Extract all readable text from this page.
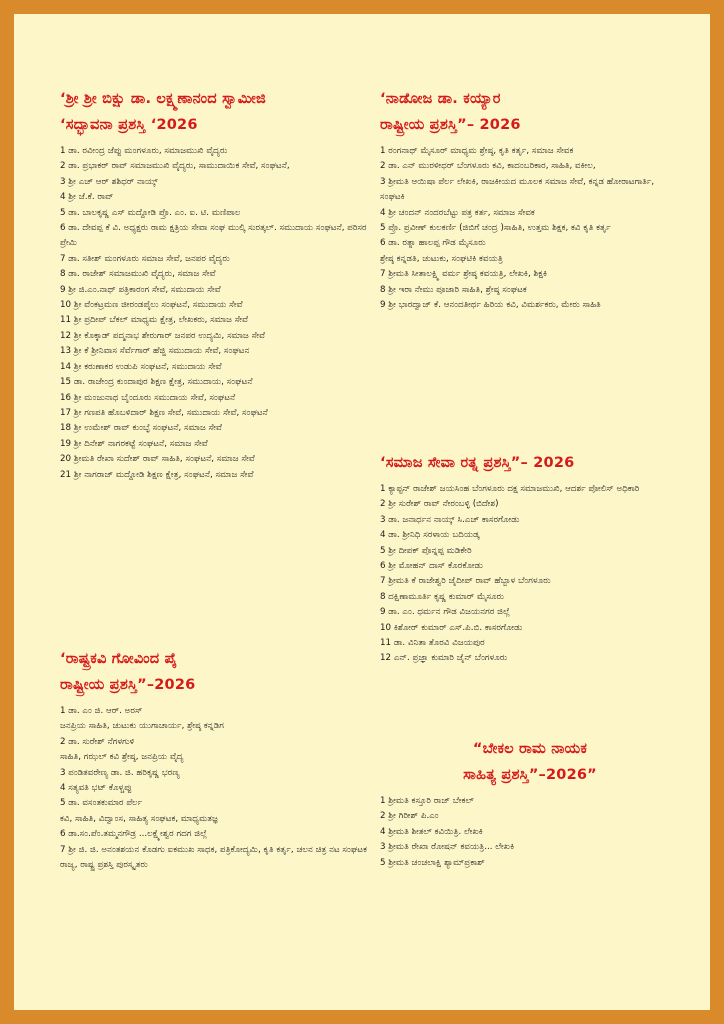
‘ಶ್ರೀ ಶ್ರೀ ಬಿಕ್ಷು ಡಾ. ಲಕ್ಷ್ಮಣಾನಂದ ಸ್ವಾಮೀಜಿ
‘ಸದ್ಭಾವನಾ ಪ್ರಶಸ್ತಿ ‘2026
1 ಡಾ. ರವೀಂದ್ರ ಜೆಪ್ಪು ಮಂಗಳೂರು, ಸಮಾಜಮುಖಿ ವೈದ್ಯರು
2 ಡಾ. ಪ್ರಭಾಕರ್ ರಾವ್ ಸಮಾಜಮುಖಿ ವೈದ್ಯರು, ಸಾಮುದಾಯಿಕ ಸೇವೆ, ಸಂಘಟನೆ,
3 ಶ್ರೀ ಎಚ್ ಆರ್ ಶಶಿಧರ್ ನಾಯ್ಕ್
4 ಶ್ರೀ ಜೆ.ಕೆ. ರಾವ್
5 ಡಾ. ಬಾಲಕೃಷ್ಣ ಎಸ್ ಮದ್ದೋಡಿ ಪ್ರೊ. ಎಂ. ಐ. ಟಿ. ಮಣಿಪಾಲ
6 ಡಾ. ದೇವಪ್ಪ ಕೆ ವಿ. ಅಧ್ಯಕ್ಷರು ರಾಮ ಕ್ಷತ್ರಿಯ ಸೇವಾ ಸಂಘ ಮುಲ್ಕಿ ಸುರತ್ಕಲ್. ಸಮುದಾಯ ಸಂಘಟನೆ, ಪರಿಸರ ಪ್ರೇಮಿ
7 ಡಾ. ಸತೀಶ್ ಮಂಗಳೂರು ಸಮಾಜ ಸೇವೆ, ಜನಪರ ವೈದ್ಯರು
8 ಡಾ. ರಾಜೇಶ್ ಸಮಾಜಮುಖಿ ವೈದ್ಯರು, ಸಮಾಜ ಸೇವೆ
9 ಶ್ರೀ ಜಿ.ಎಂ.ನಾಥ್ ಪತ್ರಿಕಾರಂಗ ಸೇವೆ, ಸಮುದಾಯ ಸೇವೆ
10 ಶ್ರೀ ವೆಂಕಟ್ರಮಣ ಜೀರಂಡಪೈಲು ಸಂಘಟನೆ, ಸಮುದಾಯ ಸೇವೆ
11 ಶ್ರೀ ಪ್ರದೀಪ್ ಬೆಕಲ್ ಮಾಧ್ಯಮ ಕ್ಷೇತ್ರ, ಲೇಖಕರು, ಸಮಾಜ ಸೇವೆ
12 ಶ್ರೀ ಕೊಕ್ಕಾಡ್ ಪದ್ಮನಾಭ ಶೇರುಗಾರ್ ಜನಪರ ಉದ್ಯಮಿ, ಸಮಾಜ ಸೇವೆ
13 ಶ್ರೀ ಕೆ ಶ್ರೀನಿವಾಸ ಸೆರ್ವೆಗಾರ್ ಹೆಜ್ಜಿ ಸಮುದಾಯ ಸೇವೆ, ಸಂಘಟನ
14 ಶ್ರೀ ಕರುಣಾಕರ ಉಡುಪಿ ಸಂಘಟನೆ, ಸಮುದಾಯ ಸೇವೆ
15 ಡಾ. ರಾಜೇಂದ್ರ ಕುಂದಾಪುರ ಶಿಕ್ಷಣ ಕ್ಷೇತ್ರ, ಸಮುದಾಯ, ಸಂಘಟನೆ
16 ಶ್ರೀ ಮಂಜುನಾಥ ಬೈಂದೂರು ಸಮುದಾಯ ಸೇವೆ, ಸಂಘಟನೆ
17 ಶ್ರೀ ಗಣಪತಿ ಹೊಬಳಿದಾರ್ ಶಿಕ್ಷಣ ಸೇವೆ, ಸಮುದಾಯ ಸೇವೆ, ಸಂಘಟನೆ
18 ಶ್ರೀ ಉಮೇಶ್ ರಾವ್ ಕುಂಬ್ಳೆ ಸಂಘಟನೆ, ಸಮಾಜ ಸೇವೆ
19 ಶ್ರೀ ದಿನೇಶ್ ನಾಗರಕಟ್ಟೆ ಸಂಘಟನೆ, ಸಮಾಜ ಸೇವೆ
20 ಶ್ರೀಮತಿ ರೇಖಾ ಸುದೇಶ್ ರಾವ್ ಸಾಹಿತಿ, ಸಂಘಟನೆ, ಸಮಾಜ ಸೇವೆ
21 ಶ್ರೀ ನಾಗರಾಜ್ ಮದ್ದೋಡಿ ಶಿಕ್ಷಣ ಕ್ಷೇತ್ರ, ಸಂಘಟನೆ, ಸಮಾಜ ಸೇವೆ
‘ರಾಷ್ಟ್ರಕವಿ ಗೋವಿಂದ ಪೈ
ರಾಷ್ಟ್ರೀಯ ಪ್ರಶಸ್ತಿ”–2026
1 ಡಾ. ಎಂ ಜಿ. ಆರ್. ಅರಸ್
ಜನಪ್ರಿಯ ಸಾಹಿತಿ, ಚುಟುಕು ಯುಗಾಚಾರ್ಯ, ಶ್ರೇಷ್ಠ ಕನ್ನಡಿಗ
2 ಡಾ. ಸುರೇಶ್ ನೆಗಳಗುಳಿ
ಸಾಹಿತಿ, ಗಝಲ್ ಕವಿ ಶ್ರೇಷ್ಠ, ಜನಪ್ರಿಯ ವೈದ್ಯ
3 ಪಂಡಿತವರೇಣ್ಯ ಡಾ. ಜಿ. ಹರಿಕೃಷ್ಣ ಭರಣ್ಯ
4 ಸತ್ಯವತಿ ಭಟ್ ಕೊಳ್ಚಪ್ಪು
5 ಡಾ. ವಸಂತಕುಮಾರ ಪೆರ್ಲ
ಕವಿ, ಸಾಹಿತಿ, ವಿದ್ವಾಂಸ, ಸಾಹಿತ್ಯ ಸಂಘಟಕ, ಮಾಧ್ಯಮತಜ್ಞ
6 ಡಾ.ಸಂ.ಪೆಂ.ತಮ್ಮನಗೌಡ್ರ ...ಲಕ್ಷ್ಮೇಶ್ವರ ಗದಗ ಜಿಲ್ಲೆ
7 ಶ್ರೀ ಜಿ. ಜಿ. ಅನಂತಶಯನ ಕೊಡಗು ಐಕಮುಖ ಸಾಧಕ, ಪತ್ರಿಕೋದ್ಯಮಿ, ಕೃತಿ ಕರ್ತೃ, ಚಲನ ಚಿತ್ರ ನಟ ಸಂಘಟಕ ರಾಜ್ಯ, ರಾಷ್ಟ್ರ ಪ್ರಶಸ್ತಿ ಪುರಸ್ಕೃತರು
‘ನಾಡೋಜ ಡಾ. ಕಯ್ಯಾರ
ರಾಷ್ಟ್ರೀಯ ಪ್ರಶಸ್ತಿ”– 2026
1 ರಂಗನಾಥ್ ಮೈಸೂರ್ ಮಾಧ್ಯಮ ಶ್ರೇಷ್ಠ, ಕೃತಿ ಕರ್ತೃ, ಸಮಾಜ ಸೇವಕ
2 ಡಾ. ಎನ್ ಮುರಳೀಧರ್ ಬೆಂಗಳೂರು ಕವಿ, ಕಾದಂಬರಿಕಾರ, ಸಾಹಿತಿ, ವಕೀಲ,
3 ಶ್ರೀಮತಿ ಆಯಿಷಾ ಪೆರ್ಲ ಲೇಖಕಿ, ರಾಜಕೀಯದ ಮೂಲಕ ಸಮಾಜ ಸೇವೆ, ಕನ್ನಡ ಹೋರಾಟಗಾರ್ತಿ, ಸಂಘಟಕಿ
4 ಶ್ರೀ ಚಂದನ್ ನಂದರಬೆಟ್ಟು ಪತ್ರ ಕರ್ತ, ಸಮಾಜ ಸೇವಕ
5 ಪ್ರೊ. ಪ್ರವೀಣ್ ಕುಲಕರ್ಣಿ (ಜಿಬಿಗೆ ಚಂದ್ರ )ಸಾಹಿತಿ, ಉತ್ತಮ ಶಿಕ್ಷಕ, ಕವಿ ಕೃತಿ ಕರ್ತೃ
6 ಡಾ. ರತ್ನಾ ಹಾಲಪ್ಪ ಗೌಡ ಮೈಸೂರು
ಶ್ರೇಷ್ಠ ಕನ್ನಡತಿ, ಚುಟುಕು, ಸಂಘಟಿಕಿ ಕವಯತ್ರಿ
7 ಶ್ರೀಮತಿ ಸೀತಾಲಕ್ಷ್ಮಿ ವರ್ಮ ಶ್ರೇಷ್ಠ ಕವಯತ್ರಿ, ಲೇಖಕಿ, ಶಿಕ್ಷಕಿ
8 ಶ್ರೀ ಇರಾ ನೇಮು ಪೂಜಾರಿ ಸಾಹಿತಿ, ಶ್ರೇಷ್ಠ ಸಂಘಟಕ
9 ಶ್ರೀ ಭಾರದ್ವಾಜ್ ಕೆ. ಆನಂದತೀರ್ಥ ಹಿರಿಯ ಕವಿ, ವಿಮರ್ಶಕರು, ಮೇರು ಸಾಹಿತಿ
‘ಸಮಾಜ ಸೇವಾ ರತ್ನ ಪ್ರಶಸ್ತಿ”– 2026
1 ಕ್ಯಾಪ್ಟನ್ ರಾಜೇಶ್ ಜಯಸಿಂಹ ಬೆಂಗಳೂರು ದಕ್ಷ ಸಮಾಜಮುಖಿ, ಆದರ್ಶ ಪೋಲಿಸ್ ಅಧಿಕಾರಿ
2 ಶ್ರೀ ಸುರೇಶ್ ರಾವ್ ನೇರಂಬಳ್ಳಿ (ಬಿದೇಶ)
3 ಡಾ. ಜನಾರ್ಧನ ನಾಯ್ಕ್ ಸಿ.ಎಚ್ ಕಾಸರಗೋಡು
4 ಡಾ. ಶ್ರೀನಿಧಿ ಸರಳಾಯ ಬದಿಯಡ್ಕ
5 ಶ್ರೀ ದೀಪಕ್ ಪೊನ್ನಪ್ಪ ಮಡಿಕೇರಿ
6 ಶ್ರೀ ಮೋಹನ್ ದಾಸ್ ಕೊರಕೋಡು
7 ಶ್ರೀಮತಿ ಕೆ ರಾಜೇಶ್ವರಿ ಜೈದೀಪ್ ರಾವ್ ಹೆಬ್ಬಾಳ ಬೆಂಗಳೂರು
8 ದಕ್ಷಿಣಾಮೂರ್ತಿ ಕೃಷ್ಣ ಕುಮಾರ್ ಮೈಸೂರು
9 ಡಾ. ಎಂ. ಧರ್ಮನ ಗೌಡ ವಿಜಯನಗರ ಜಿಲ್ಲೆ
10 ಕಿಶೋರ್ ಕುಮಾರ್ ಎಸ್.ಪಿ.ಬಿ. ಕಾಸರಗೋಡು
11 ಡಾ. ವಿನಿತಾ ತೊರವಿ ವಿಜಯಪುರ
12 ಎನ್. ಪ್ರಜ್ಞಾ ಕುಮಾರಿ ಜೈನ್ ಬೆಂಗಳೂರು
“ಬೇಕಲ ರಾಮ ನಾಯಕ
ಸಾಹಿತ್ಯ ಪ್ರಶಸ್ತಿ”–2026”
1 ಶ್ರೀಮತಿ ಕಸ್ತೂರಿ ರಾಜ್ ಬೇಕಲ್
2 ಶ್ರೀ ಗಿರೀಶ್ ಪಿ.ಎಂ
4 ಶ್ರೀಮತಿ ಶೀತಲ್ ಕವಿಯಿತ್ರಿ. ಲೇಖಕಿ
3 ಶ್ರೀಮತಿ ರೇಖಾ ರೋಷನ್ ಕವಯತ್ರಿ... ಲೇಖಕಿ
5 ಶ್ರೀಮತಿ ಚಂಚಲಾಕ್ಷಿ ಶ್ಯಾಮ್‌ಪ್ರಕಾಶ್
